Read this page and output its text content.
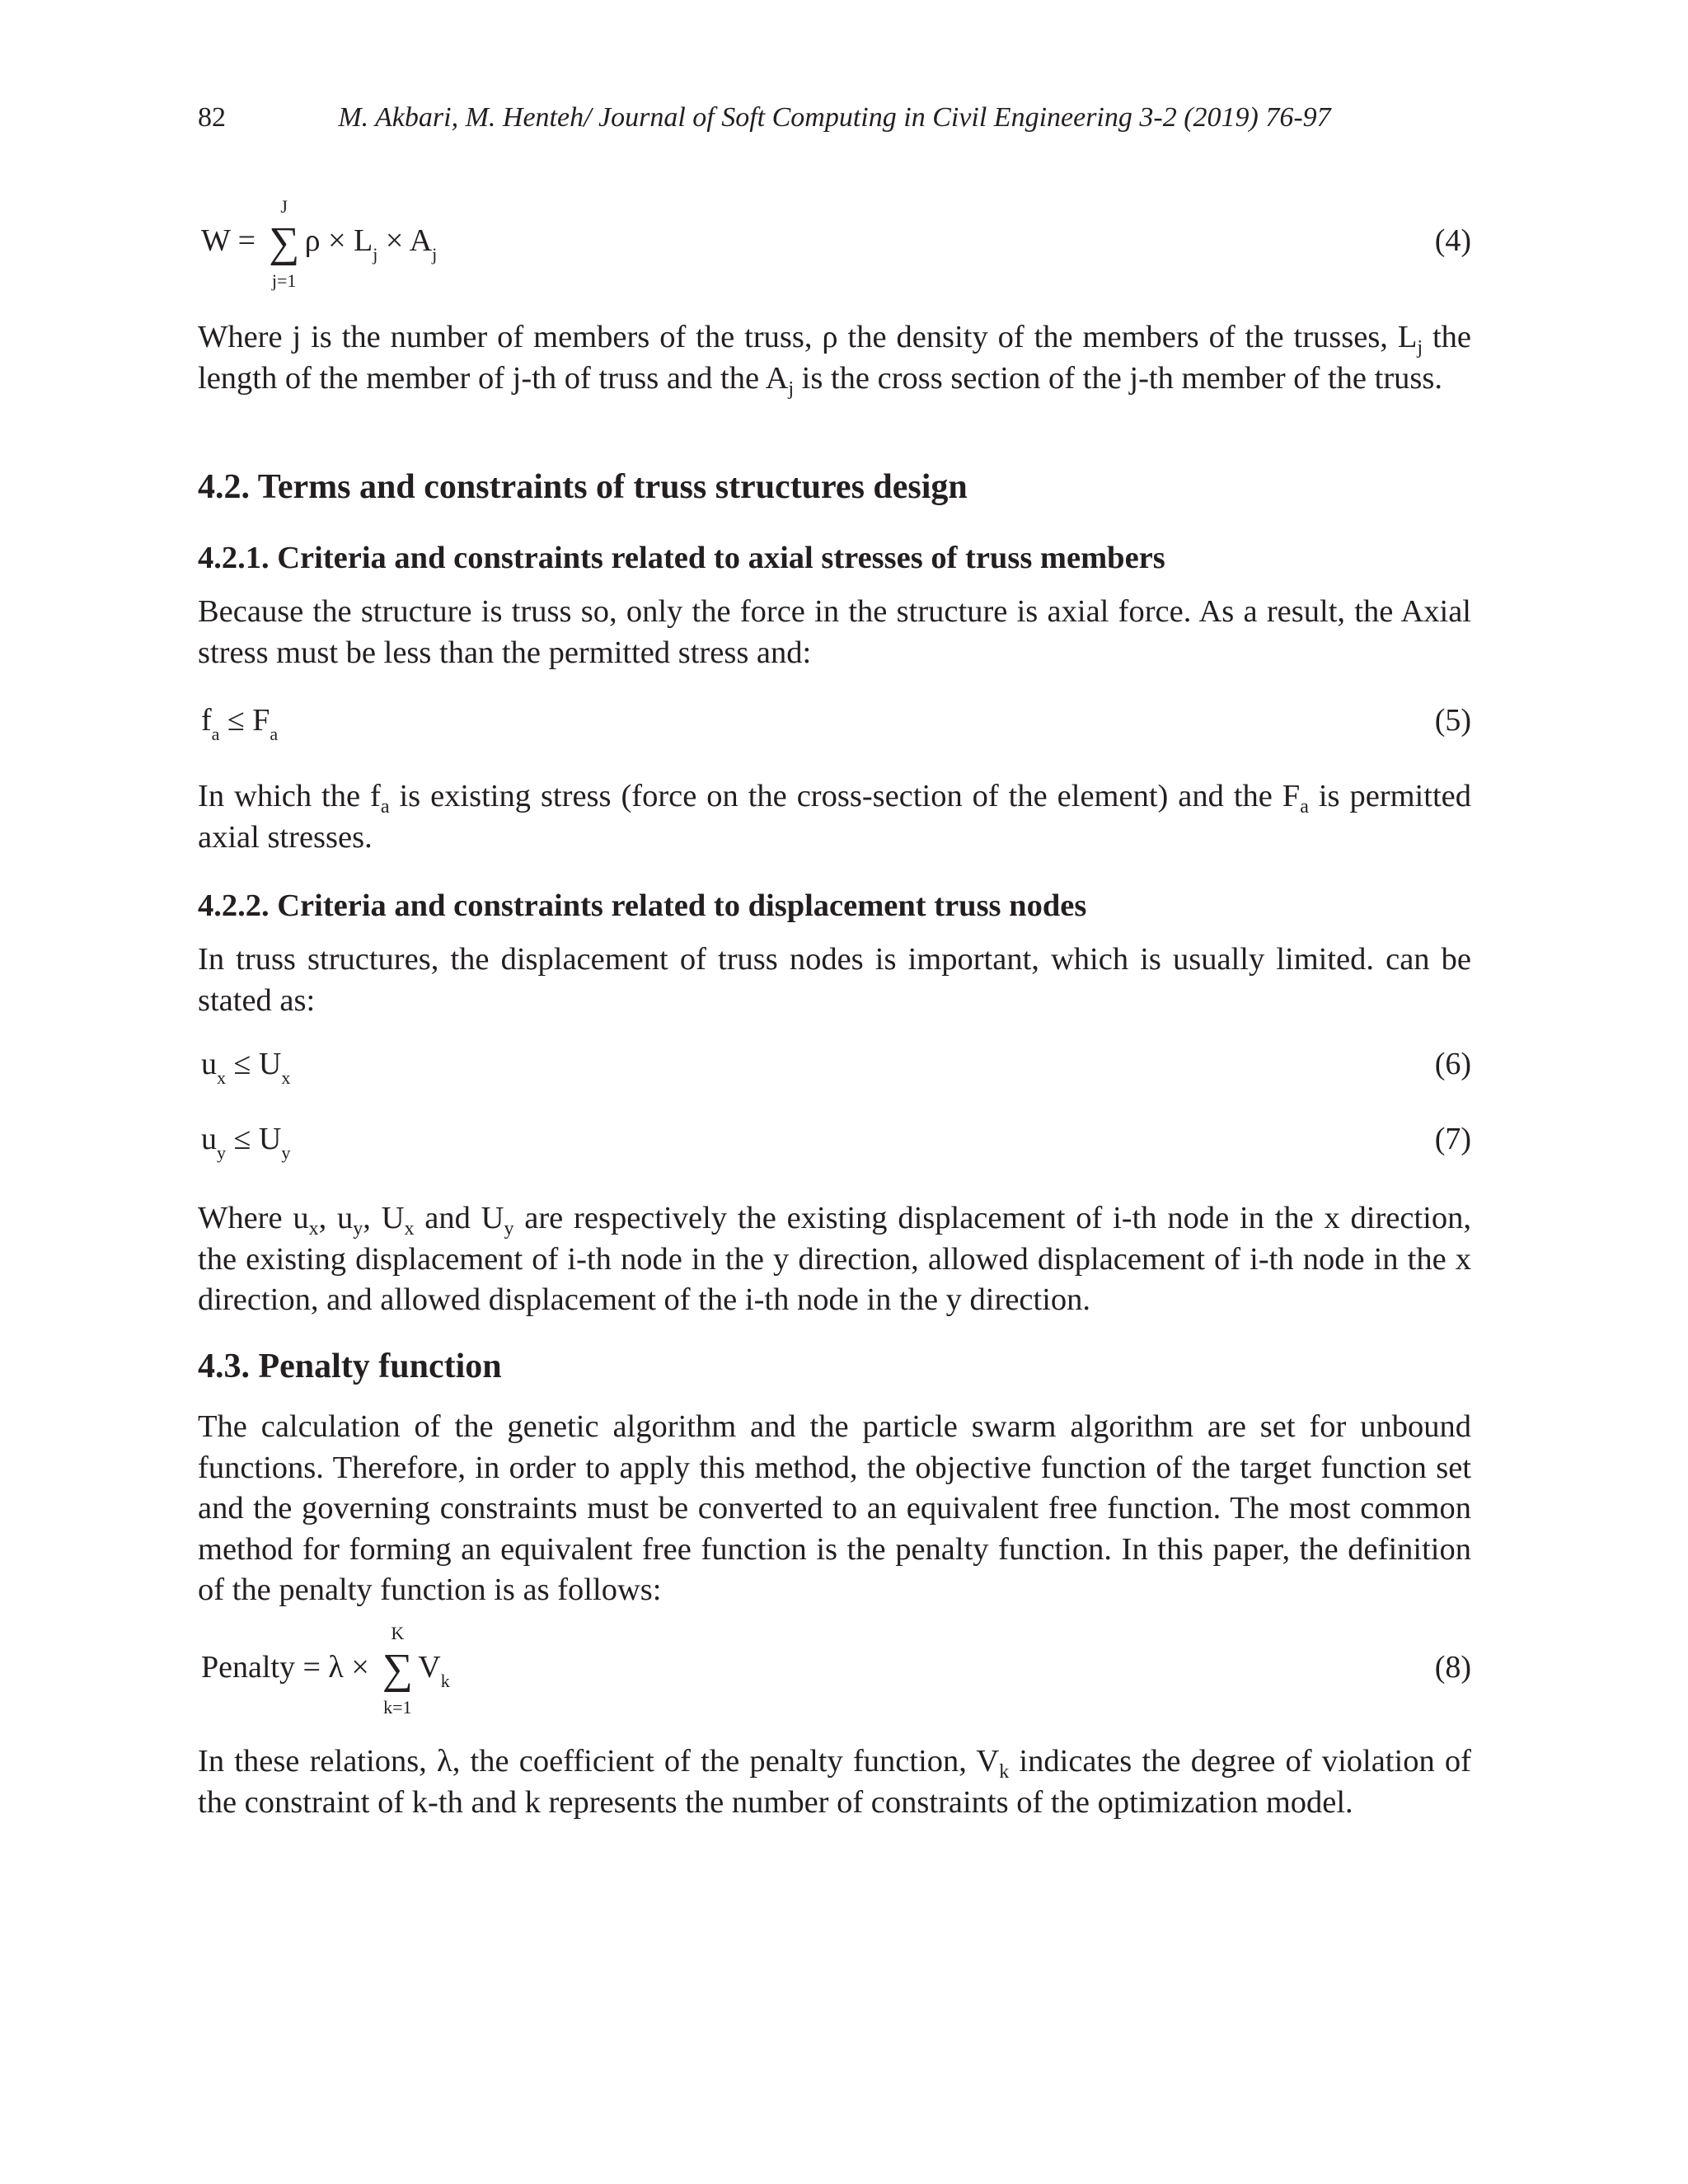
82	M. Akbari, M. Henteh/ Journal of Soft Computing in Civil Engineering 3-2 (2019) 76-97
W =
J
∑
j=1
$\rho \times L_j \times A_j$	(4)

Where j is the number of members of the truss, ρ the density of the members of the trusses, $L_j$ the length of the member of j-th of truss and the $A_j$ is the cross section of the j-th member of the truss.

4.2. Terms and constraints of truss structures design
4.2.1. Criteria and constraints related to axial stresses of truss members

Because the structure is truss so, only the force in the structure is axial force. As a result, the Axial stress must be less than the permitted stress and:

$f_a \le F_a$	(5)

In which the $f_a$ is existing stress (force on the cross-section of the element) and the $F_a$ is permitted axial stresses.

4.2.2. Criteria and constraints related to displacement truss nodes

In truss structures, the displacement of truss nodes is important, which is usually limited. can be stated as:

$u_x \le U_x$	(6)
$u_y \le U_y$	(7)

Where $u_x$, $u_y$, $U_x$ and $U_y$ are respectively the existing displacement of i-th node in the x direction, the existing displacement of i-th node in the y direction, allowed displacement of i-th node in the x direction, and allowed displacement of the i-th node in the y direction.

4.3. Penalty function

The calculation of the genetic algorithm and the particle swarm algorithm are set for unbound functions. Therefore, in order to apply this method, the objective function of the target function set and the governing constraints must be converted to an equivalent free function. The most common method for forming an equivalent free function is the penalty function. In this paper, the definition of the penalty function is as follows:

Penalty = λ ×
K
∑
k=1
$V_k$	(8)

In these relations, λ, the coefficient of the penalty function, $V_k$ indicates the degree of violation of the constraint of k-th and k represents the number of constraints of the optimization model.
